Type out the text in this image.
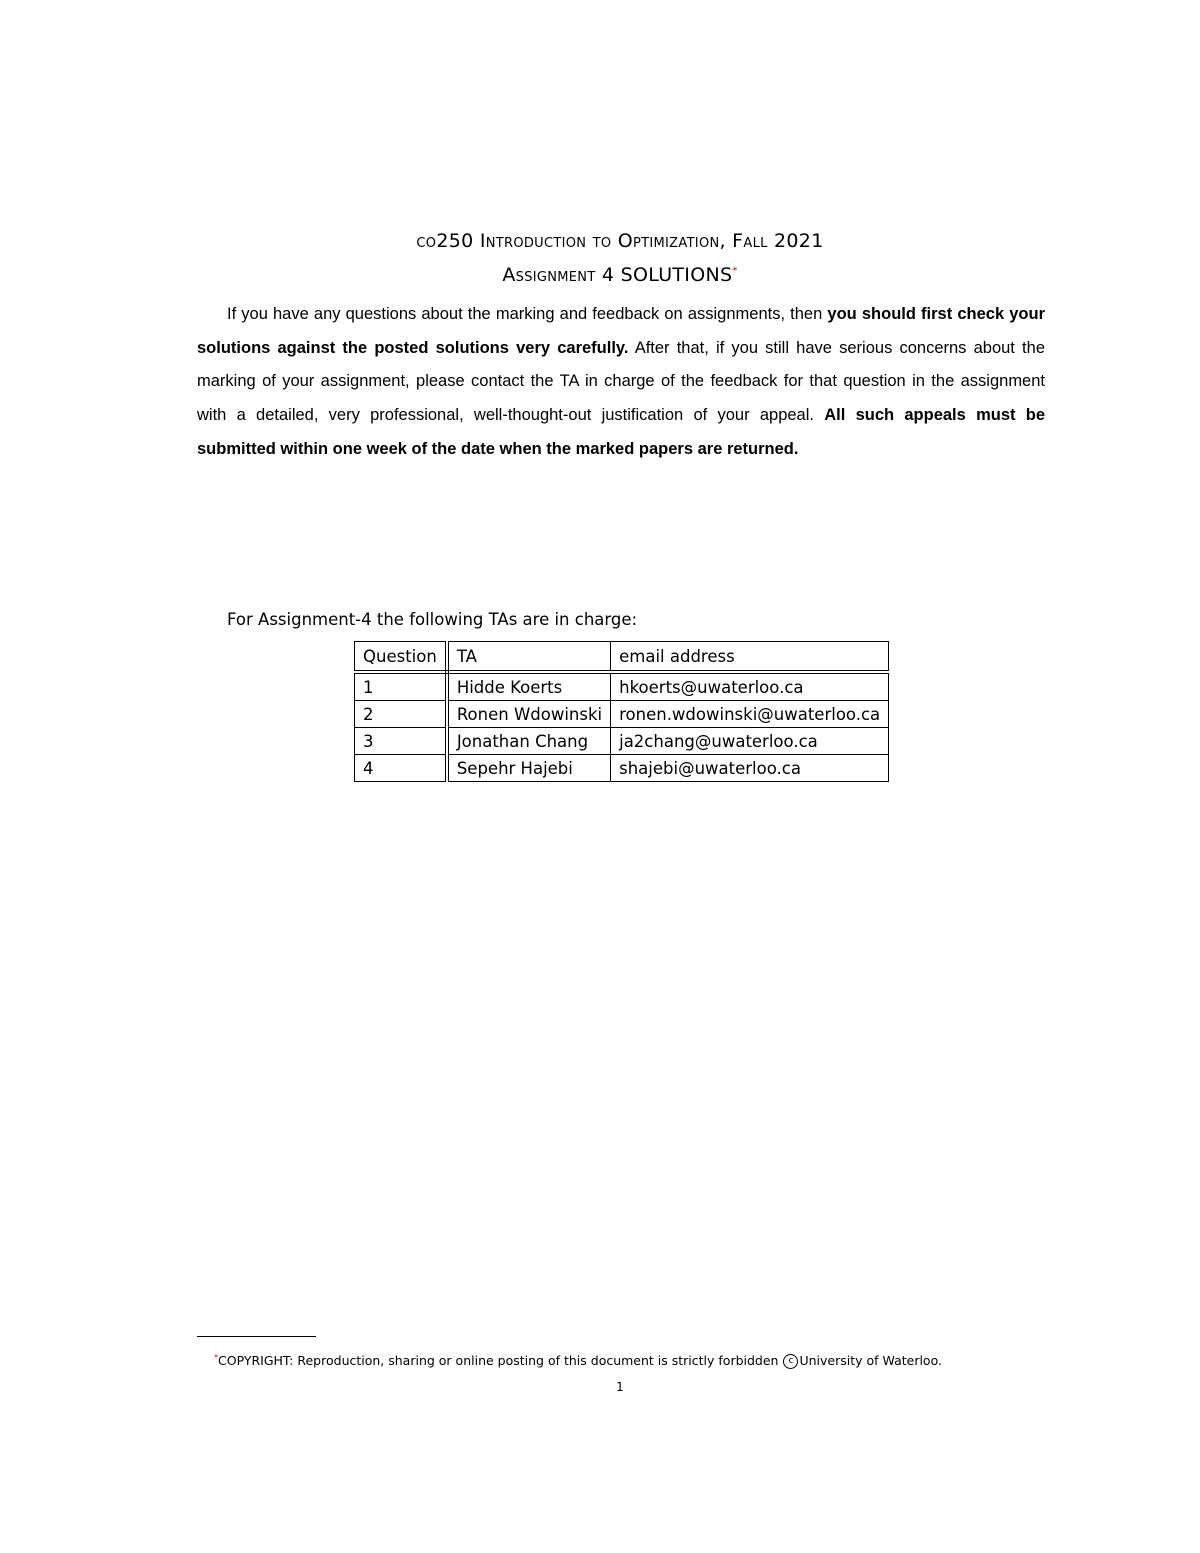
co250 Introduction to Optimization, Fall 2021
Assignment 4 SOLUTIONS*

If you have any questions about the marking and feedback on assignments, then you should first check your solutions against the posted solutions very carefully. After that, if you still have serious concerns about the marking of your assignment, please contact the TA in charge of the feedback for that question in the assignment with a detailed, very professional, well-thought-out justification of your appeal. All such appeals must be submitted within one week of the date when the marked papers are returned.

For Assignment-4 the following TAs are in charge:

Question	TA	email address
1	Hidde Koerts	hkoerts@uwaterloo.ca
2	Ronen Wdowinski	ronen.wdowinski@uwaterloo.ca
3	Jonathan Chang	ja2chang@uwaterloo.ca
4	Sepehr Hajebi	shajebi@uwaterloo.ca

*COPYRIGHT: Reproduction, sharing or online posting of this document is strictly forbidden c University of Waterloo.

1
